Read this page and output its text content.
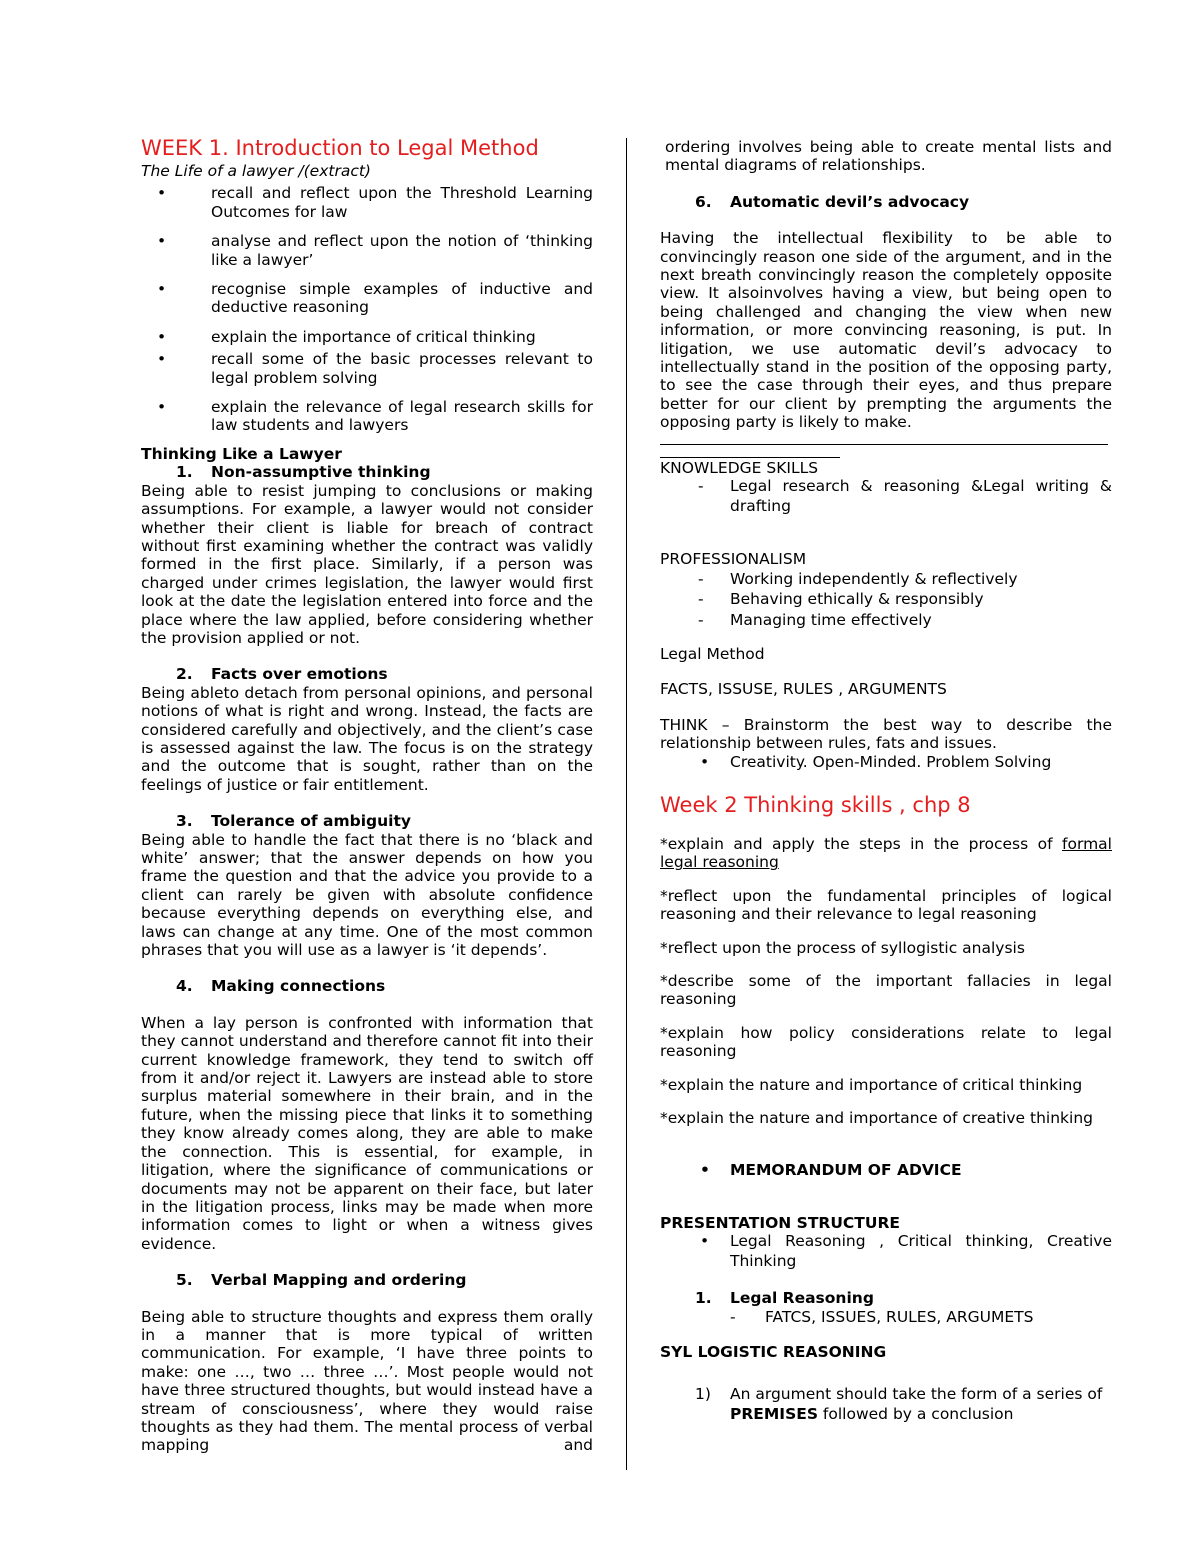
WEEK 1. Introduction to Legal Method

The Life of a lawyer /(extract)

•	recall and reflect upon the Threshold Learning Outcomes for law
•	analyse and reflect upon the notion of ‘thinking like a lawyer’
•	recognise simple examples of inductive and deductive reasoning
•	explain the importance of critical thinking
•	recall some of the basic processes relevant to legal problem solving
•	explain the relevance of legal research skills for law students and lawyers

Thinking Like a Lawyer

1. Non-assumptive thinking

Being able to resist jumping to conclusions or making assumptions. For example, a lawyer would not consider whether their client is liable for breach of contract without first examining whether the contract was validly formed in the first place. Similarly, if a person was charged under crimes legislation, the lawyer would first look at the date the legislation entered into force and the place where the law applied, before considering whether the provision applied or not.

2. Facts over emotions

Being ableto detach from personal opinions, and personal notions of what is right and wrong. Instead, the facts are considered carefully and objectively, and the client’s case is assessed against the law. The focus is on the strategy and the outcome that is sought, rather than on the feelings of justice or fair entitlement.

3. Tolerance of ambiguity

Being able to handle the fact that there is no ‘black and white’ answer; that the answer depends on how you frame the question and that the advice you provide to a client can rarely be given with absolute confidence because everything depends on everything else, and laws can change at any time. One of the most common phrases that you will use as a lawyer is ‘it depends’.

4. Making connections

When a lay person is confronted with information that they cannot understand and therefore cannot fit into their current knowledge framework, they tend to switch off from it and/or reject it. Lawyers are instead able to store surplus material somewhere in their brain, and in the future, when the missing piece that links it to something they know already comes along, they are able to make the connection. This is essential, for example, in litigation, where the significance of communications or documents may not be apparent on their face, but later in the litigation process, links may be made when more information comes to light or when a witness gives evidence.

5. Verbal Mapping and ordering

Being able to structure thoughts and express them orally in a manner that is more typical of written communication. For example, ‘I have three points to make: one …, two … three …’. Most people would not have three structured thoughts, but would instead have a stream of consciousness’, where they would raise thoughts as they had them. The mental process of verbal mapping and

ordering involves being able to create mental lists and mental diagrams of relationships.

6. Automatic devil’s advocacy

Having the intellectual flexibility to be able to convincingly reason one side of the argument, and in the next breath convincingly reason the completely opposite view. It alsoinvolves having a view, but being open to being challenged and changing the view when new information, or more convincing reasoning, is put. In litigation, we use automatic devil’s advocacy to intellectually stand in the position of the opposing party, to see the case through their eyes, and thus prepare better for our client by prempting the arguments the opposing party is likely to make.

KNOWLEDGE SKILLS

- Legal research & reasoning &Legal writing & drafting

PROFESSIONALISM

- Working independently & reflectively
- Behaving ethically & responsibly
- Managing time effectively

Legal Method

FACTS, ISSUSE, RULES , ARGUMENTS

THINK – Brainstorm the best way to describe the relationship between rules, fats and issues.

• Creativity. Open-Minded. Problem Solving
Week 2 Thinking skills , chp 8

*explain and apply the steps in the process of formal legal reasoning

*reflect upon the fundamental principles of logical reasoning and their relevance to legal reasoning

*reflect upon the process of syllogistic analysis

*describe some of the important fallacies in legal reasoning

*explain how policy considerations relate to legal reasoning

*explain the nature and importance of critical thinking

*explain the nature and importance of creative thinking

• MEMORANDUM OF ADVICE

PRESENTATION STRUCTURE

• Legal Reasoning , Critical thinking, Creative Thinking

1. Legal Reasoning

- FATCS, ISSUES, RULES, ARGUMETS

SYL LOGISTIC REASONING

1) An argument should take the form of a series of PREMISES followed by a conclusion
